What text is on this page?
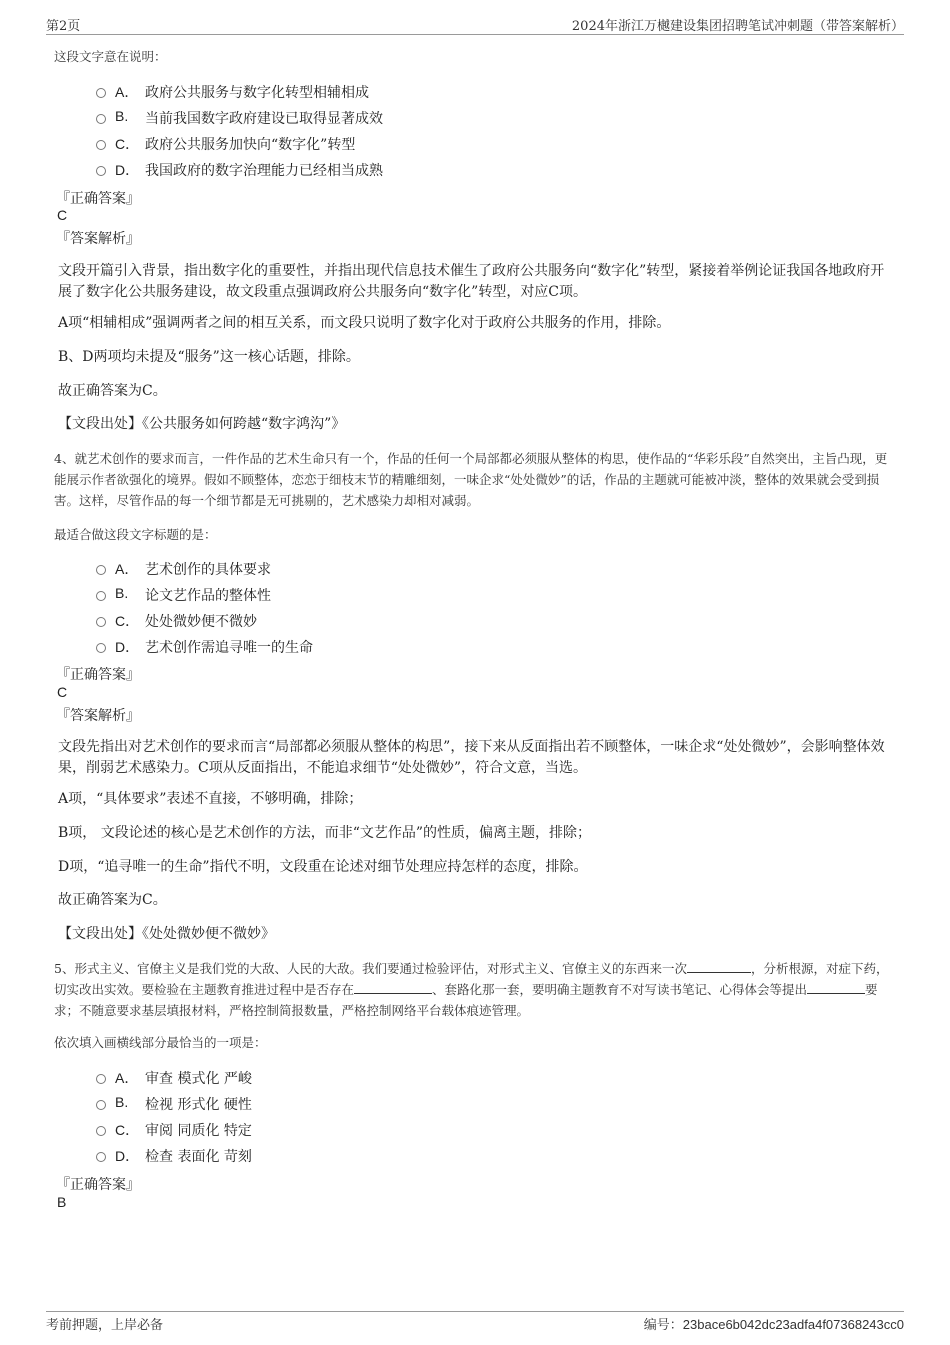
第2页	2024年浙江万樾建设集团招聘笔试冲刺题（带答案解析）
这段文字意在说明：
A． 政府公共服务与数字化转型相辅相成
B. 当前我国数字政府建设已取得显著成效
C． 政府公共服务加快向“数字化”转型
D． 我国政府的数字治理能力已经相当成熟
『正确答案』
C
『答案解析』
文段开篇引入背景，指出数字化的重要性，并指出现代信息技术催生了政府公共服务向“数字化”转型，紧接着举例论证我国各地政府开展了数字化公共服务建设，故文段重点强调政府公共服务向“数字化”转型，对应C项。
A项“相辅相成”强调两者之间的相互关系，而文段只说明了数字化对于政府公共服务的作用，排除。
B、D两项均未提及“服务”这一核心话题，排除。
故正确答案为C。
【文段出处】《公共服务如何跨越“数字鸿沟”》
4、就艺术创作的要求而言，一件作品的艺术生命只有一个，作品的任何一个局部都必须服从整体的构思，使作品的“华彩乐段”自然突出，主旨凸现，更能展示作者欲强化的境界。假如不顾整体，恋恋于细枝末节的精雕细刻，一味企求“处处微妙”的话，作品的主题就可能被冲淡，整体的效果就会受到损害。这样，尽管作品的每一个细节都是无可挑剔的，艺术感染力却相对减弱。
最适合做这段文字标题的是：
A． 艺术创作的具体要求
B. 论文艺作品的整体性
C． 处处微妙便不微妙
D． 艺术创作需追寻唯一的生命
『正确答案』
C
『答案解析』
文段先指出对艺术创作的要求而言“局部都必须服从整体的构思”，接下来从反面指出若不顾整体，一味企求“处处微妙”，会影响整体效果，削弱艺术感染力。C项从反面指出，不能追求细节“处处微妙”，符合文意，当选。
A项，“具体要求”表述不直接，不够明确，排除；
B项， 文段论述的核心是艺术创作的方法，而非“文艺作品”的性质，偏离主题，排除；
D项，“追寻唯一的生命”指代不明，文段重在论述对细节处理应持怎样的态度，排除。
故正确答案为C。
【文段出处】《处处微妙便不微妙》
5、形式主义、官僚主义是我们党的大敌、人民的大敌。我们要通过检验评估，对形式主义、官僚主义的东西来一次	，分析根源，对症下药，切实改出实效。要检验在主题教育推进过程中是否存在	、套路化那一套，要明确主题教育不对写读书笔记、心得体会等提出	要求；不随意要求基层填报材料，严格控制简报数量，严格控制网络平台载体痕迹管理。
依次填入画横线部分最恰当的一项是：
A． 审查 模式化 严峻
B. 检视 形式化 硬性
C． 审阅 同质化 特定
D． 检查 表面化 苛刻
『正确答案』
B
考前押题，上岸必备	编号：23bace6b042dc23adfa4f07368243cc0
